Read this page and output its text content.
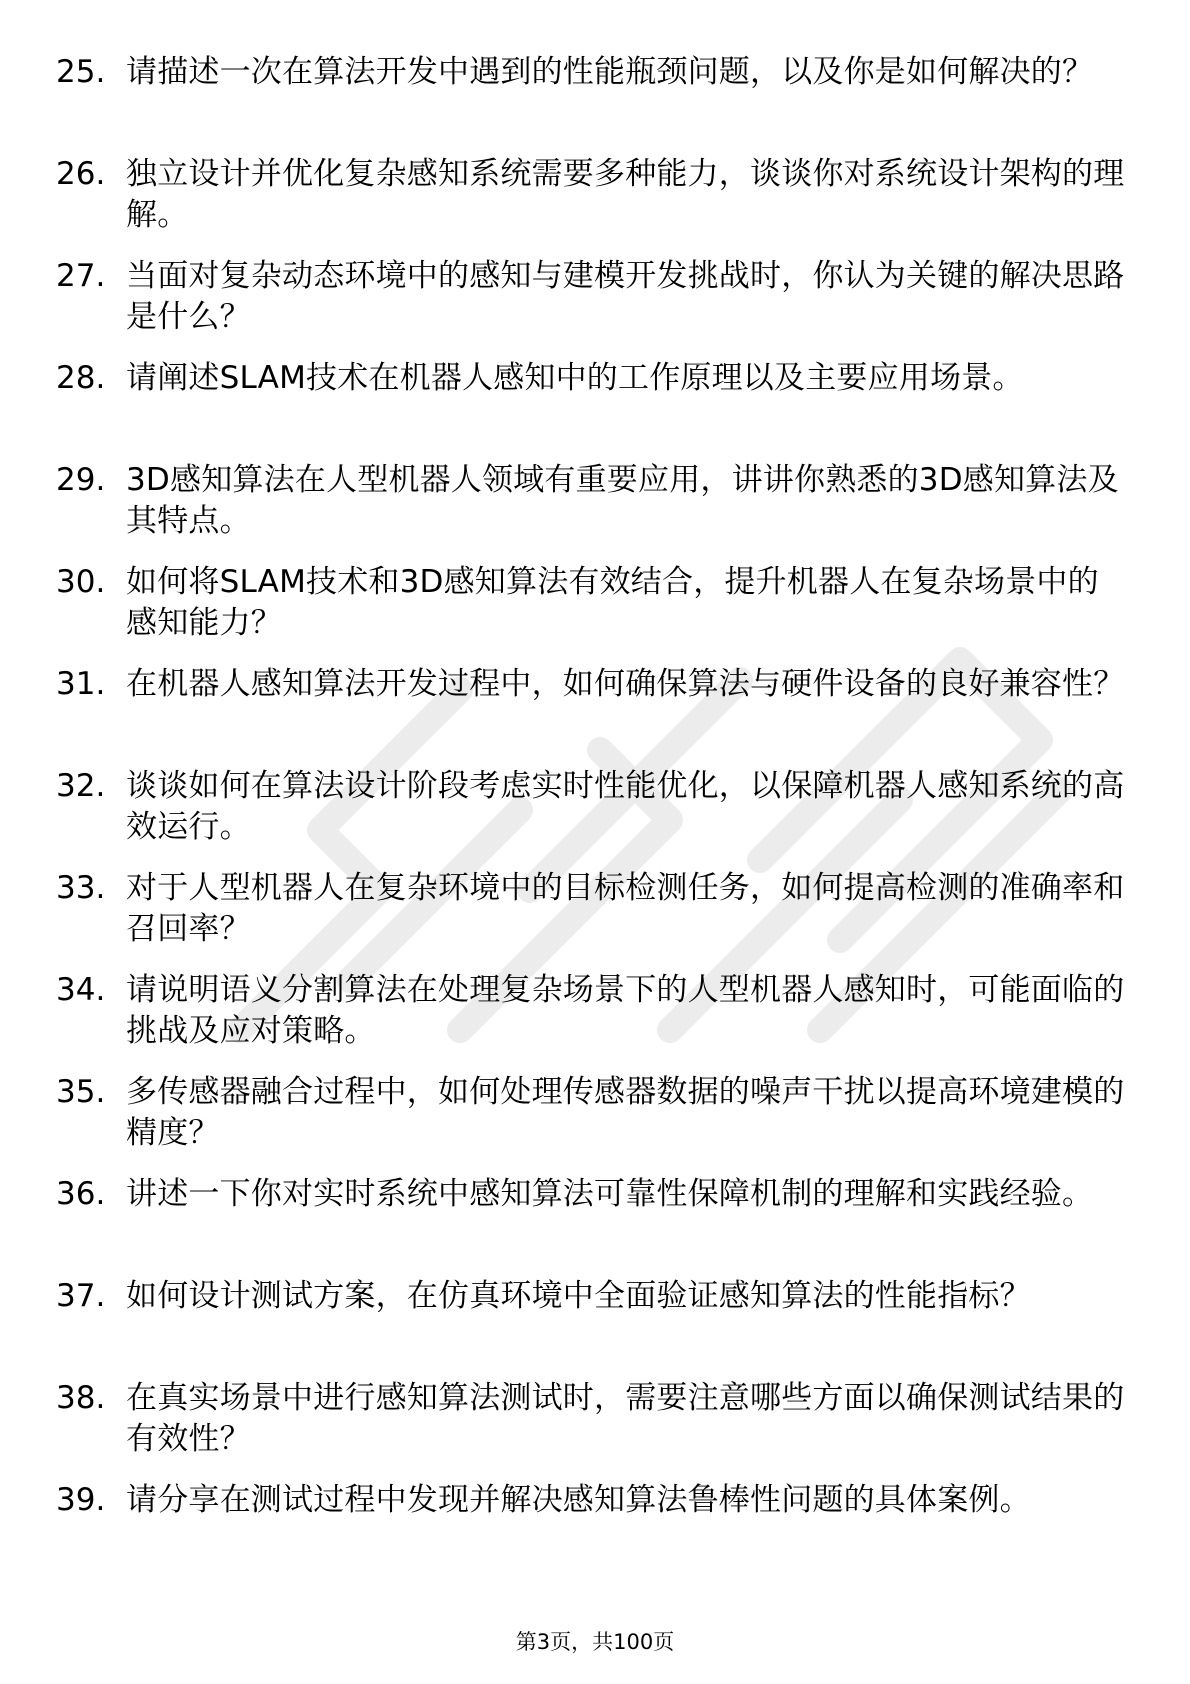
25. 请描述一次在算法开发中遇到的性能瓶颈问题，以及你是如何解决的？
26. 独立设计并优化复杂感知系统需要多种能力，谈谈你对系统设计架构的理解。
27. 当面对复杂动态环境中的感知与建模开发挑战时，你认为关键的解决思路是什么？
28. 请阐述SLAM技术在机器人感知中的工作原理以及主要应用场景。
29. 3D感知算法在人型机器人领域有重要应用，讲讲你熟悉的3D感知算法及其特点。
30. 如何将SLAM技术和3D感知算法有效结合，提升机器人在复杂场景中的感知能力？
31. 在机器人感知算法开发过程中，如何确保算法与硬件设备的良好兼容性？
32. 谈谈如何在算法设计阶段考虑实时性能优化，以保障机器人感知系统的高效运行。
33. 对于人型机器人在复杂环境中的目标检测任务，如何提高检测的准确率和召回率？
34. 请说明语义分割算法在处理复杂场景下的人型机器人感知时，可能面临的挑战及应对策略。
35. 多传感器融合过程中，如何处理传感器数据的噪声干扰以提高环境建模的精度？
36. 讲述一下你对实时系统中感知算法可靠性保障机制的理解和实践经验。
37. 如何设计测试方案，在仿真环境中全面验证感知算法的性能指标？
38. 在真实场景中进行感知算法测试时，需要注意哪些方面以确保测试结果的有效性？
39. 请分享在测试过程中发现并解决感知算法鲁棒性问题的具体案例。
第3页，共100页
